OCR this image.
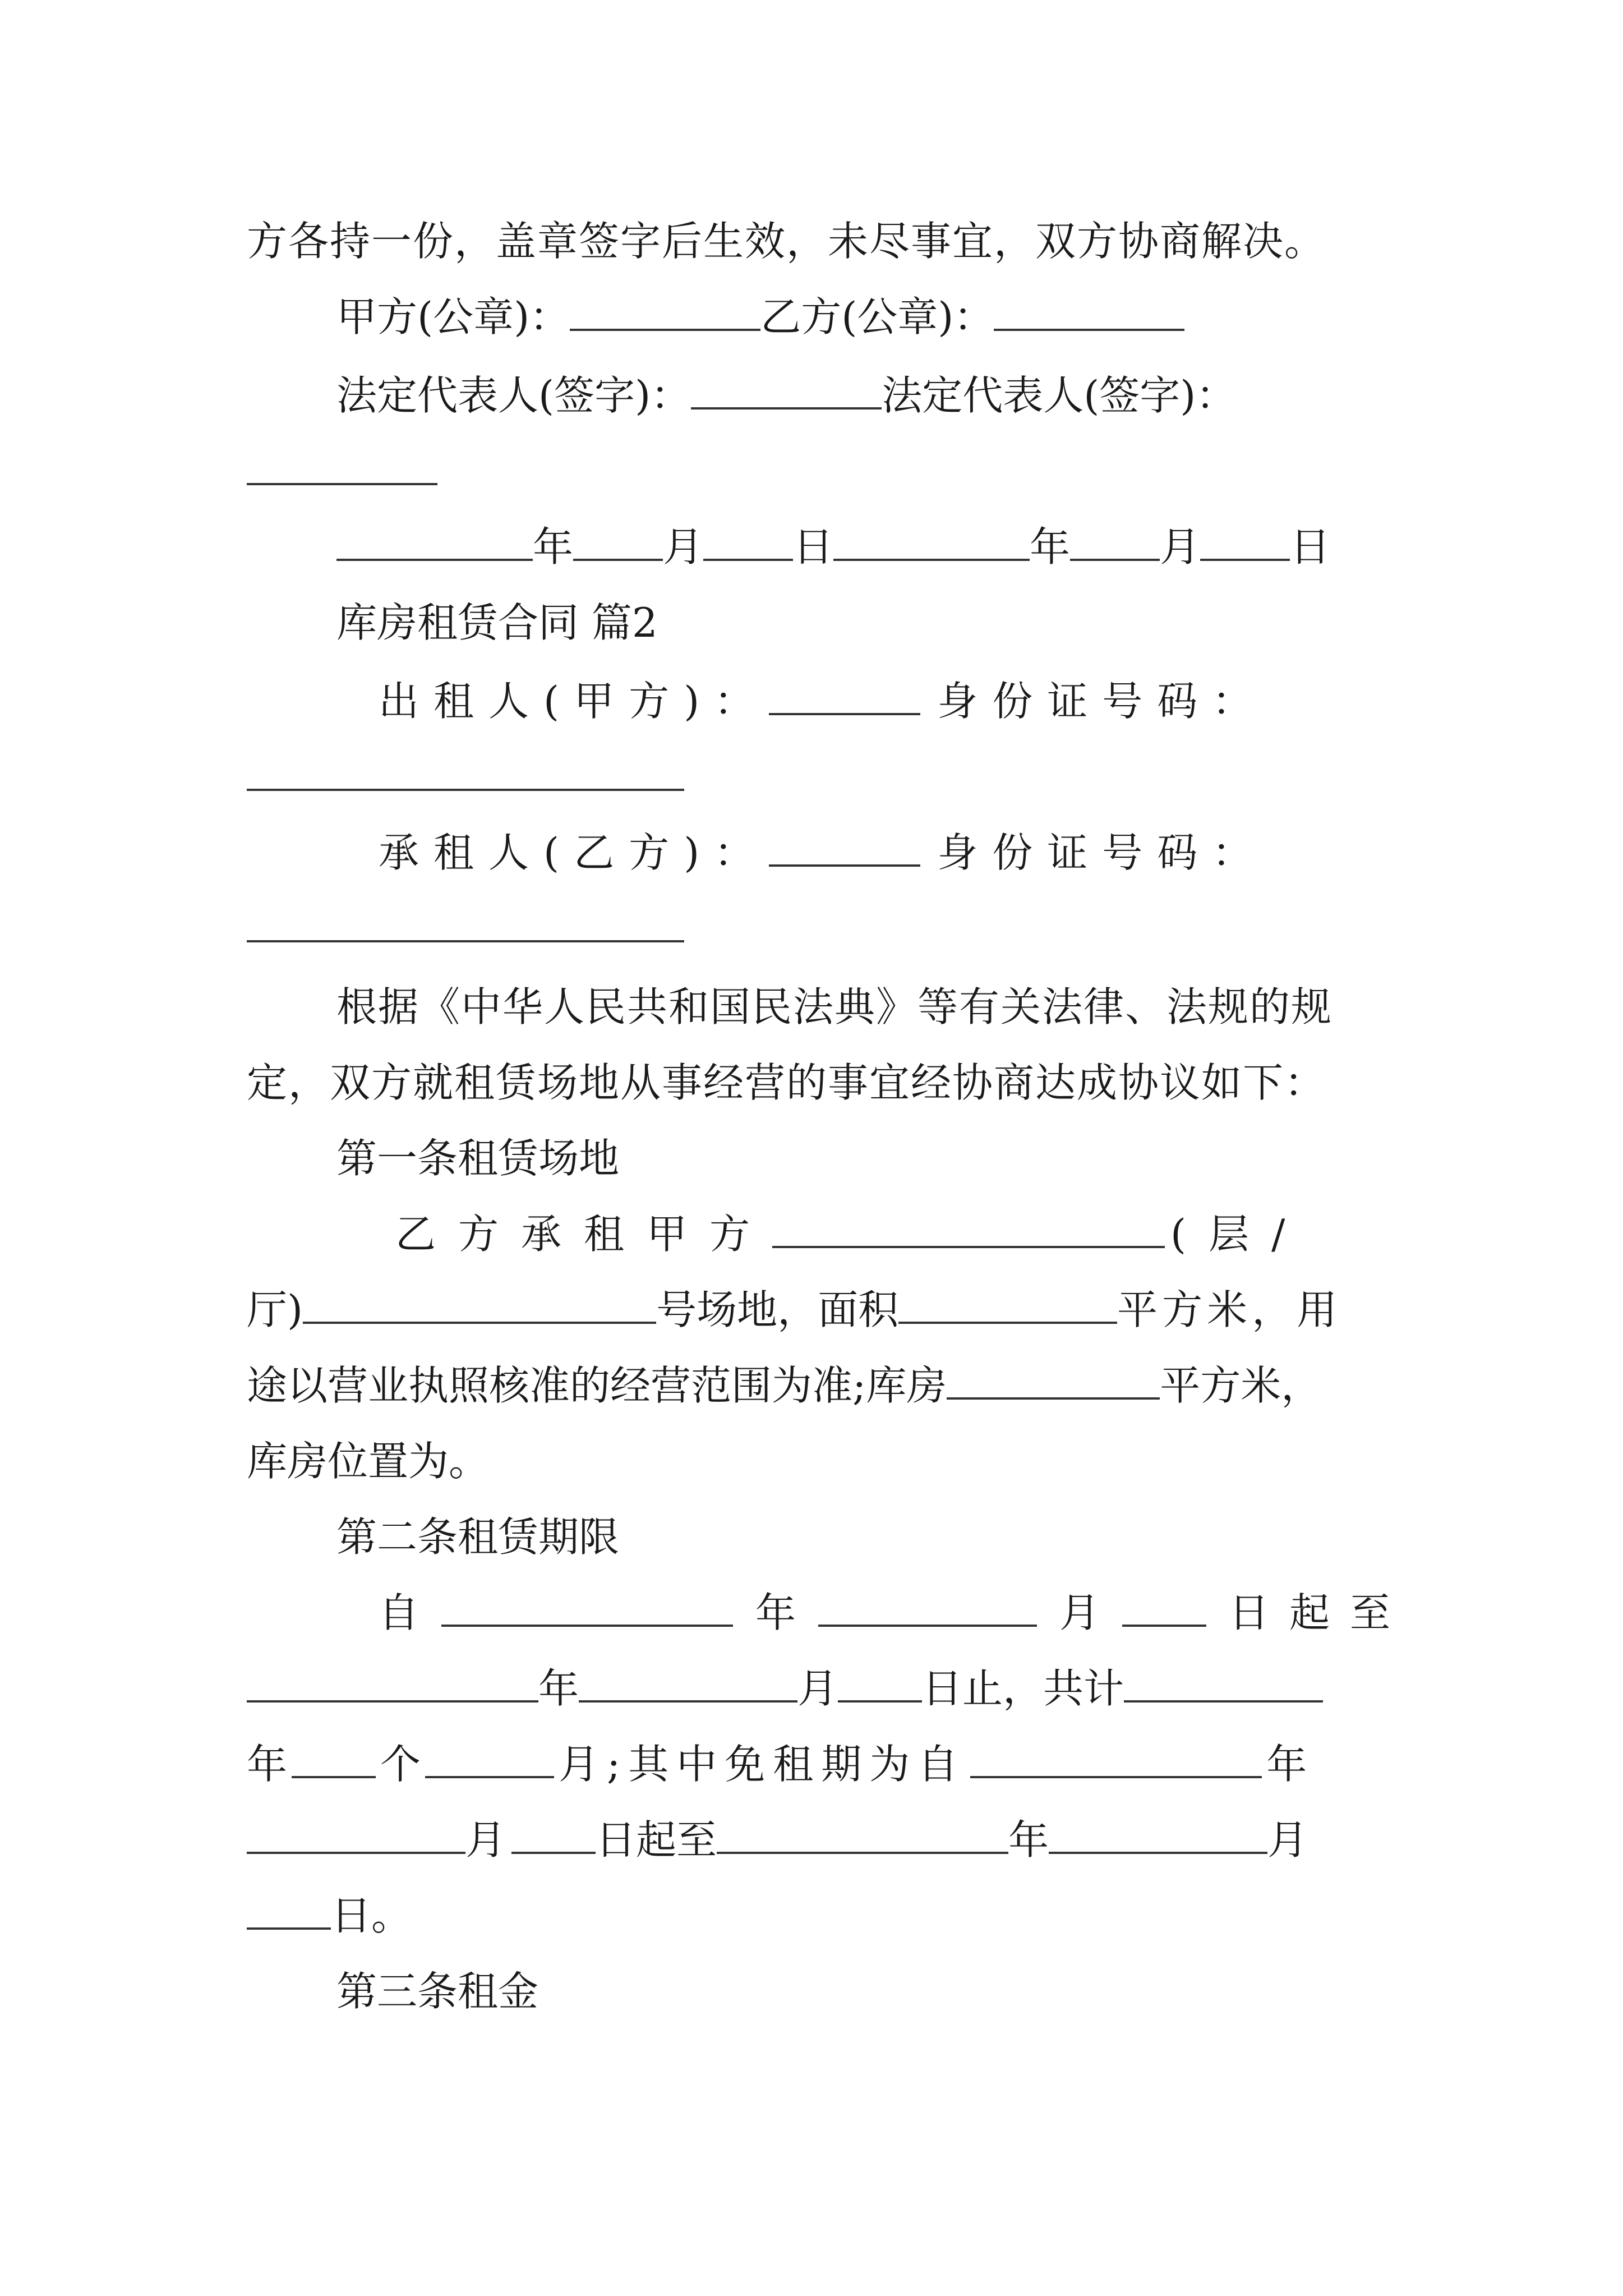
方各持一份，盖章签字后生效，未尽事宜，双方协商解决。
甲方(公章)：	乙方(公章)：
法定代表人(签字)：	法定代表人(签字)：
年 月 日	年 月 日
库房租赁合同 篇2
出租人(甲方)：	身份证号码：
承租人(乙方)：	身份证号码：
根据《中华人民共和国民法典》等有关法律、法规的规
定，双方就租赁场地从事经营的事宜经协商达成协议如下：
第一条租赁场地
乙方承租甲方	(层/
厅)	号场地，面积	平方米，用
途以营业执照核准的经营范围为准;库房	平方米，
库房位置为。
第二条租赁期限
自	年	月	日起至
年	月 日止，共计
年 个	月;其中免租期为自	年
月 日起至	年	月
日。
第三条租金
